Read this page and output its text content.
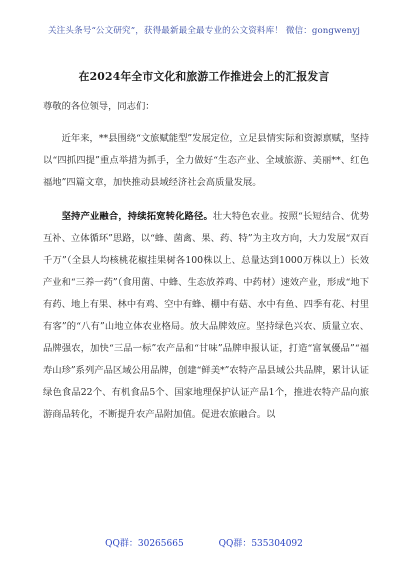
关注头条号“公文研究”，获得最新最全最专业的公文资料库！ 微信：gongwenyj
在2024年全市文化和旅游工作推进会上的汇报发言

尊敬的各位领导，同志们：

近年来，**县围绕“文旅赋能型”发展定位，立足县情实际和资源禀赋，坚持以“四抓四提”重点举措为抓手，全力做好“生态产业、全域旅游、美丽**、红色福地”四篇文章，加快推动县域经济社会高质量发展。

坚持产业融合，持续拓宽转化路径。壮大特色农业。按照“长短结合、优势互补、立体循环”思路，以“蜂、菌禽、果、药、特”为主攻方向，大力发展“双百千万”（全县人均核桃花椒挂果树各100株以上、总量达到1000万株以上）长效产业和“三养一药”（食用菌、中蜂、生态放养鸡、中药材）速效产业，形成“地下有药、地上有果、林中有鸡、空中有蜂、棚中有菇、水中有鱼、四季有花、村里有客”的“八有”山地立体农业格局。放大品牌效应。坚持绿色兴农、质量立农、品牌强农，加快“三品一标”农产品和“甘味”品牌申报认证，打造“富氧優品”“福寿山珍”系列产品区域公用品牌，创建“鲜美*”农特产品县域公共品牌，累计认证绿色食品22个、有机食品5个、国家地理保护认证产品1个，推进农特产品向旅游商品转化，不断提升农产品附加值。促进农旅融合。以

QQ群：30265665	QQ群：535304092
